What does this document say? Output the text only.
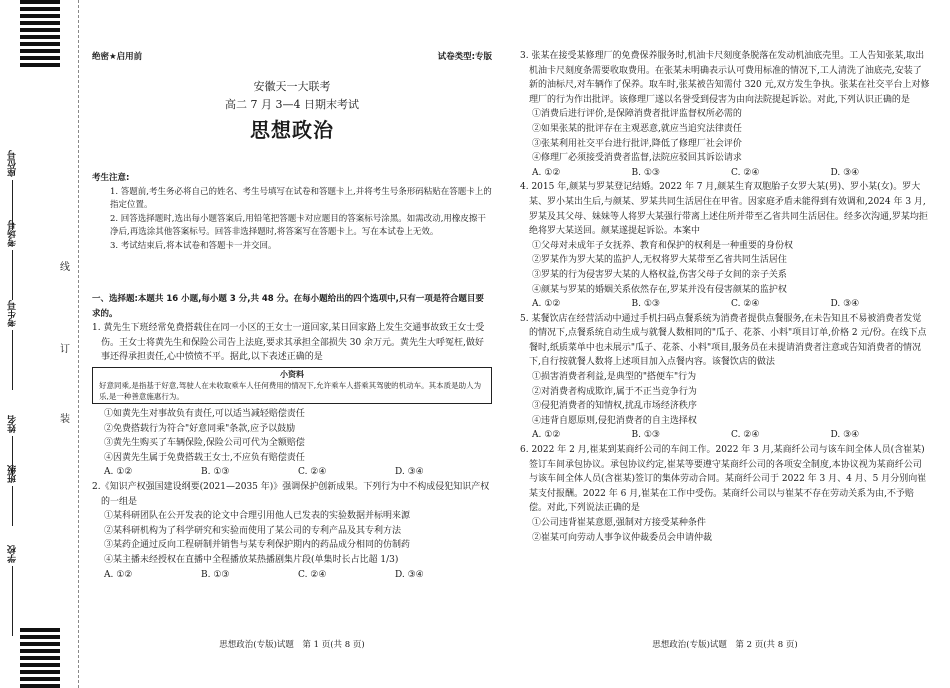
座位号
考场号
考生号
姓名
班级
学校
线
订
装
绝密★启用前	试卷类型:专版
安徽天一大联考
高二 7 月 3—4 日期末考试
思想政治
考生注意:
1. 答题前,考生务必将自己的姓名、考生号填写在试卷和答题卡上,并将考生号条形码粘贴在答题卡上的指定位置。
2. 回答选择题时,选出每小题答案后,用铅笔把答题卡对应题目的答案标号涂黑。如需改动,用橡皮擦干净后,再选涂其他答案标号。回答非选择题时,将答案写在答题卡上。写在本试卷上无效。
3. 考试结束后,将本试卷和答题卡一并交回。
一、选择题:本题共 16 小题,每小题 3 分,共 48 分。在每小题给出的四个选项中,只有一项是符合题目要求的。
1. 黄先生下班经常免费搭载住在同一小区的王女士一道回家,某日回家路上发生交通事故致王女士受伤。王女士将黄先生和保险公司告上法庭,要求其承担全部损失 30 余万元。黄先生大呼冤枉,做好事还得承担责任,心中愤愤不平。据此,以下表述正确的是
小资料
好意同乘,是指基于好意,驾驶人在未收取乘车人任何费用的情况下,允许乘车人搭乘其驾驶的机动车。其本质是助人为乐,是一种善意施惠行为。
①如黄先生对事故负有责任,可以适当减轻赔偿责任
②免费搭载行为符合"好意同乘"条款,应予以鼓励
③黄先生购买了车辆保险,保险公司可代为全额赔偿
④因黄先生属于免费搭载王女士,不应负有赔偿责任
A. ①②	B. ①③	C. ②④	D. ③④
2.《知识产权强国建设纲要(2021—2035 年)》强调保护创新成果。下列行为中不构成侵犯知识产权的一组是
①某科研团队在公开发表的论文中合理引用他人已发表的实验数据并标明来源
②某科研机构为了科学研究和实验而使用了某公司的专利产品及其专利方法
③某药企通过反向工程研制并销售与某专利保护期内的药品成分相同的仿制药
④某主播未经授权在直播中全程播放某热播剧集片段(单集时长占比超 1/3)
A. ①②	B. ①③	C. ②④	D. ③④
思想政治(专版)试题　第 1 页(共 8 页)
3. 张某在接受某修理厂的免费保养服务时,机油卡尺刻度条脱落在发动机油底壳里。工人告知张某,取出机油卡尺刻度条需要收取费用。在张某未明确表示认可费用标准的情况下,工人清洗了油底壳,安装了新的油标尺,对车辆作了保养。取车时,张某被告知需付 320 元,双方发生争执。张某在社交平台上对修理厂的行为作出批评。该修理厂遂以名誉受到侵害为由向法院提起诉讼。对此,下列认识正确的是
①消费后进行评价,是保障消费者批评监督权所必需的
②如果张某的批评存在主观恶意,就应当追究法律责任
③张某利用社交平台进行批评,降低了修理厂社会评价
④修理厂必须接受消费者监督,法院应驳回其诉讼请求
A. ①②	B. ①③	C. ②④	D. ③④
4. 2015 年,颜某与罗某登记结婚。2022 年 7 月,颜某生育双胞胎子女罗大某(男)、罗小某(女)。罗大某、罗小某出生后,与颜某、罗某共同生活居住在甲省。因家庭矛盾未能得到有效调和,2024 年 3 月,罗某及其父母、妹妹等人将罗大某强行带离上述住所并带至乙省共同生活居住。经多次沟通,罗某均拒绝将罗大某送回。颜某遂提起诉讼。本案中
①父母对未成年子女抚养、教育和保护的权利是一种重要的身份权
②罗某作为罗大某的监护人,无权将罗大某带至乙省共同生活居住
③罗某的行为侵害罗大某的人格权益,伤害父母子女间的亲子关系
④颜某与罗某的婚姻关系依然存在,罗某并没有侵害颜某的监护权
A. ①②	B. ①③	C. ②④	D. ③④
5. 某餐饮店在经营活动中通过手机扫码点餐系统为消费者提供点餐服务,在未告知且不易被消费者发觉的情况下,点餐系统自动生成与就餐人数相同的"瓜子、花茶、小料"项目订单,价格 2 元/份。在线下点餐时,纸质菜单中也未展示"瓜子、花茶、小料"项目,服务员在未提请消费者注意或告知消费者的情况下,自行按就餐人数将上述项目加入点餐内容。该餐饮店的做法
①损害消费者利益,是典型的"搭便车"行为
②对消费者构成欺诈,属于不正当竞争行为
③侵犯消费者的知情权,扰乱市场经济秩序
④违背自愿原则,侵犯消费者的自主选择权
A. ①②	B. ①③	C. ②④	D. ③④
6. 2022 年 2 月,崔某到某商纤公司的车间工作。2022 年 3 月,某商纤公司与该车间全体人员(含崔某)签订车间承包协议。承包协议约定,崔某等要遵守某商纤公司的各项安全制度,本协议视为某商纤公司与该车间全体人员(含崔某)签订的集体劳动合同。某商纤公司于 2022 年 3 月、4 月、5 月分别向崔某支付报酬。2022 年 6 月,崔某在工作中受伤。某商纤公司以与崔某不存在劳动关系为由,不予赔偿。对此,下列说法正确的是
①公司违背崔某意愿,强制对方接受某种条件
②崔某可向劳动人事争议仲裁委员会申请仲裁
思想政治(专版)试题　第 2 页(共 8 页)
